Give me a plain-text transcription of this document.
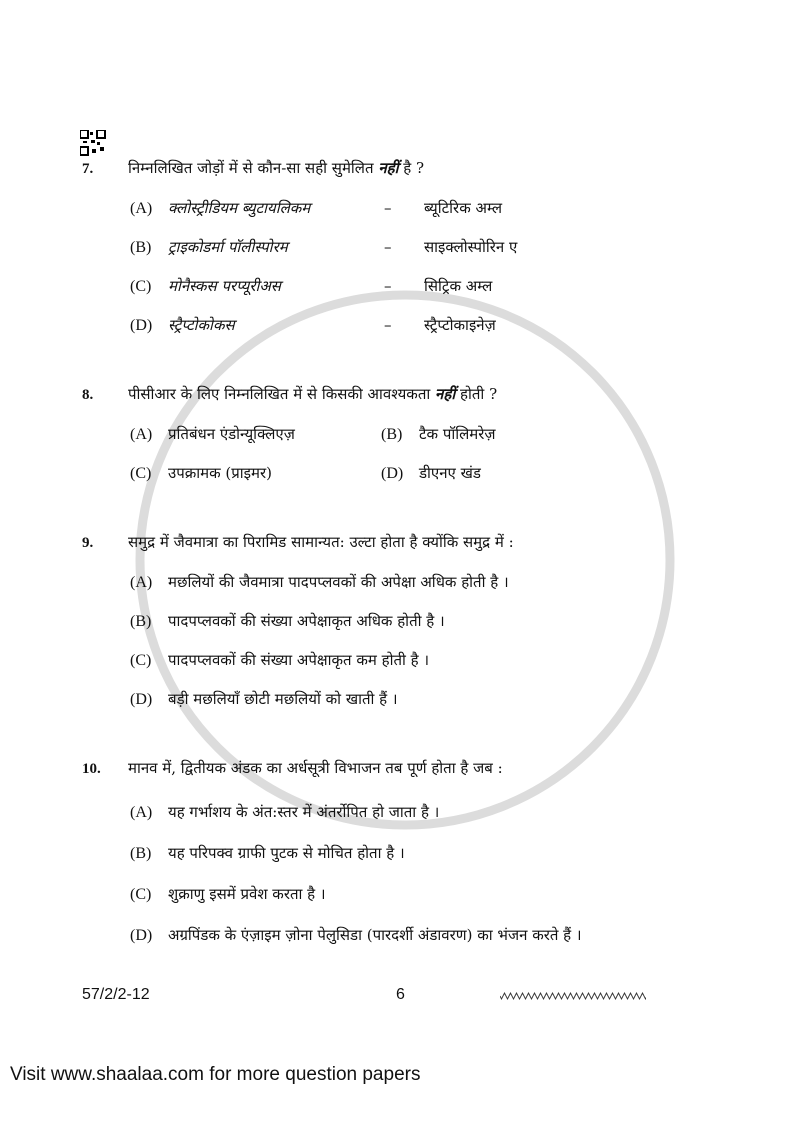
7.	निम्नलिखित जोड़ों में से कौन-सा सही सुमेलित नहीं है ?
(A)	क्लोस्ट्रीडियम ब्युटायलिकम	–	ब्यूटिरिक अम्ल
(B)	ट्राइकोडर्मा पॉलीस्पोरम	–	साइक्लोस्पोरिन ए
(C)	मोनैस्कस परप्यूरीअस	–	सिट्रिक अम्ल
(D)	स्ट्रैप्टोकोकस	–	स्ट्रैप्टोकाइनेज़
8.	पीसीआर के लिए निम्नलिखित में से किसकी आवश्यकता नहीं होती ?
(A)	प्रतिबंधन एंडोन्यूक्लिएज़	(B)	टैक पॉलिमरेज़
(C)	उपक्रामक (प्राइमर)	(D)	डीएनए खंड
9.	समुद्र में जैवमात्रा का पिरामिड सामान्यत: उल्टा होता है क्योंकि समुद्र में :
(A)	मछलियों की जैवमात्रा पादपप्लवकों की अपेक्षा अधिक होती है ।
(B)	पादपप्लवकों की संख्या अपेक्षाकृत अधिक होती है ।
(C)	पादपप्लवकों की संख्या अपेक्षाकृत कम होती है ।
(D)	बड़ी मछलियाँ छोटी मछलियों को खाती हैं ।
10.	मानव में, द्वितीयक अंडक का अर्धसूत्री विभाजन तब पूर्ण होता है जब :
(A)	यह गर्भाशय के अंत:स्तर में अंतर्रोपित हो जाता है ।
(B)	यह परिपक्व ग्राफी पुटक से मोचित होता है ।
(C)	शुक्राणु इसमें प्रवेश करता है ।
(D)	अग्रपिंडक के एंज़ाइम ज़ोना पेलुसिडा (पारदर्शी अंडावरण) का भंजन करते हैं ।
57/2/2-12	6
Visit www.shaalaa.com for more question papers
